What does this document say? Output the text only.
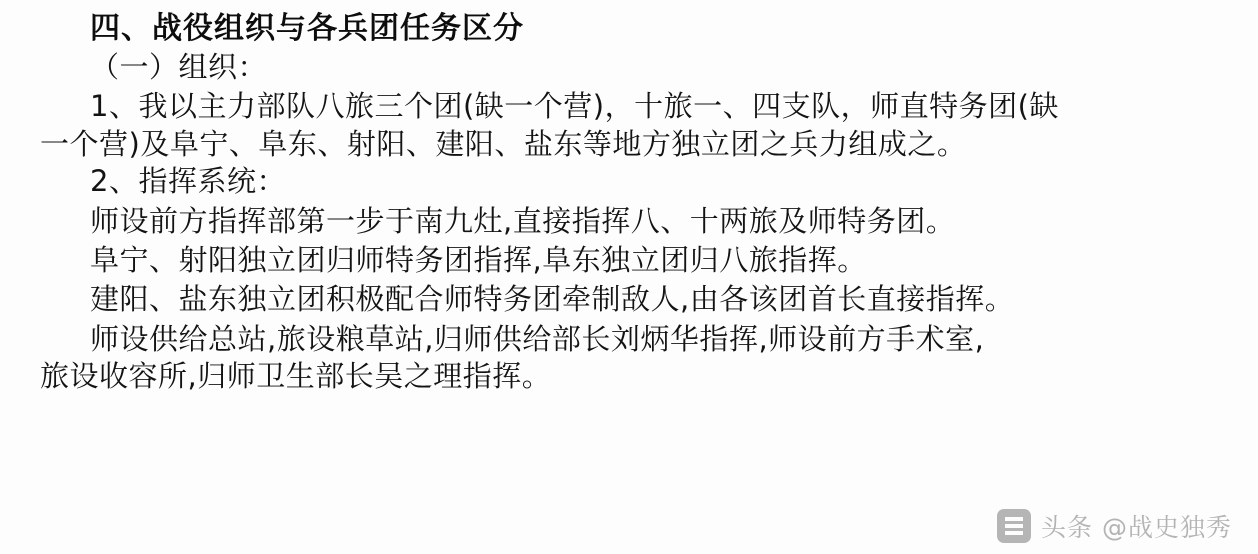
四、战役组织与各兵团任务区分
（一）组织：
1、我以主力部队八旅三个团(缺一个营)，十旅一、四支队，师直特务团(缺
一个营)及阜宁、阜东、射阳、建阳、盐东等地方独立团之兵力组成之。
2、指挥系统：
师设前方指挥部第一步于南九灶,直接指挥八、十两旅及师特务团。
阜宁、射阳独立团归师特务团指挥,阜东独立团归八旅指挥。
建阳、盐东独立团积极配合师特务团牵制敌人,由各该团首长直接指挥。
师设供给总站,旅设粮草站,归师供给部长刘炳华指挥,师设前方手术室,
旅设收容所,归师卫生部长吴之理指挥。
头条 @战史独秀
